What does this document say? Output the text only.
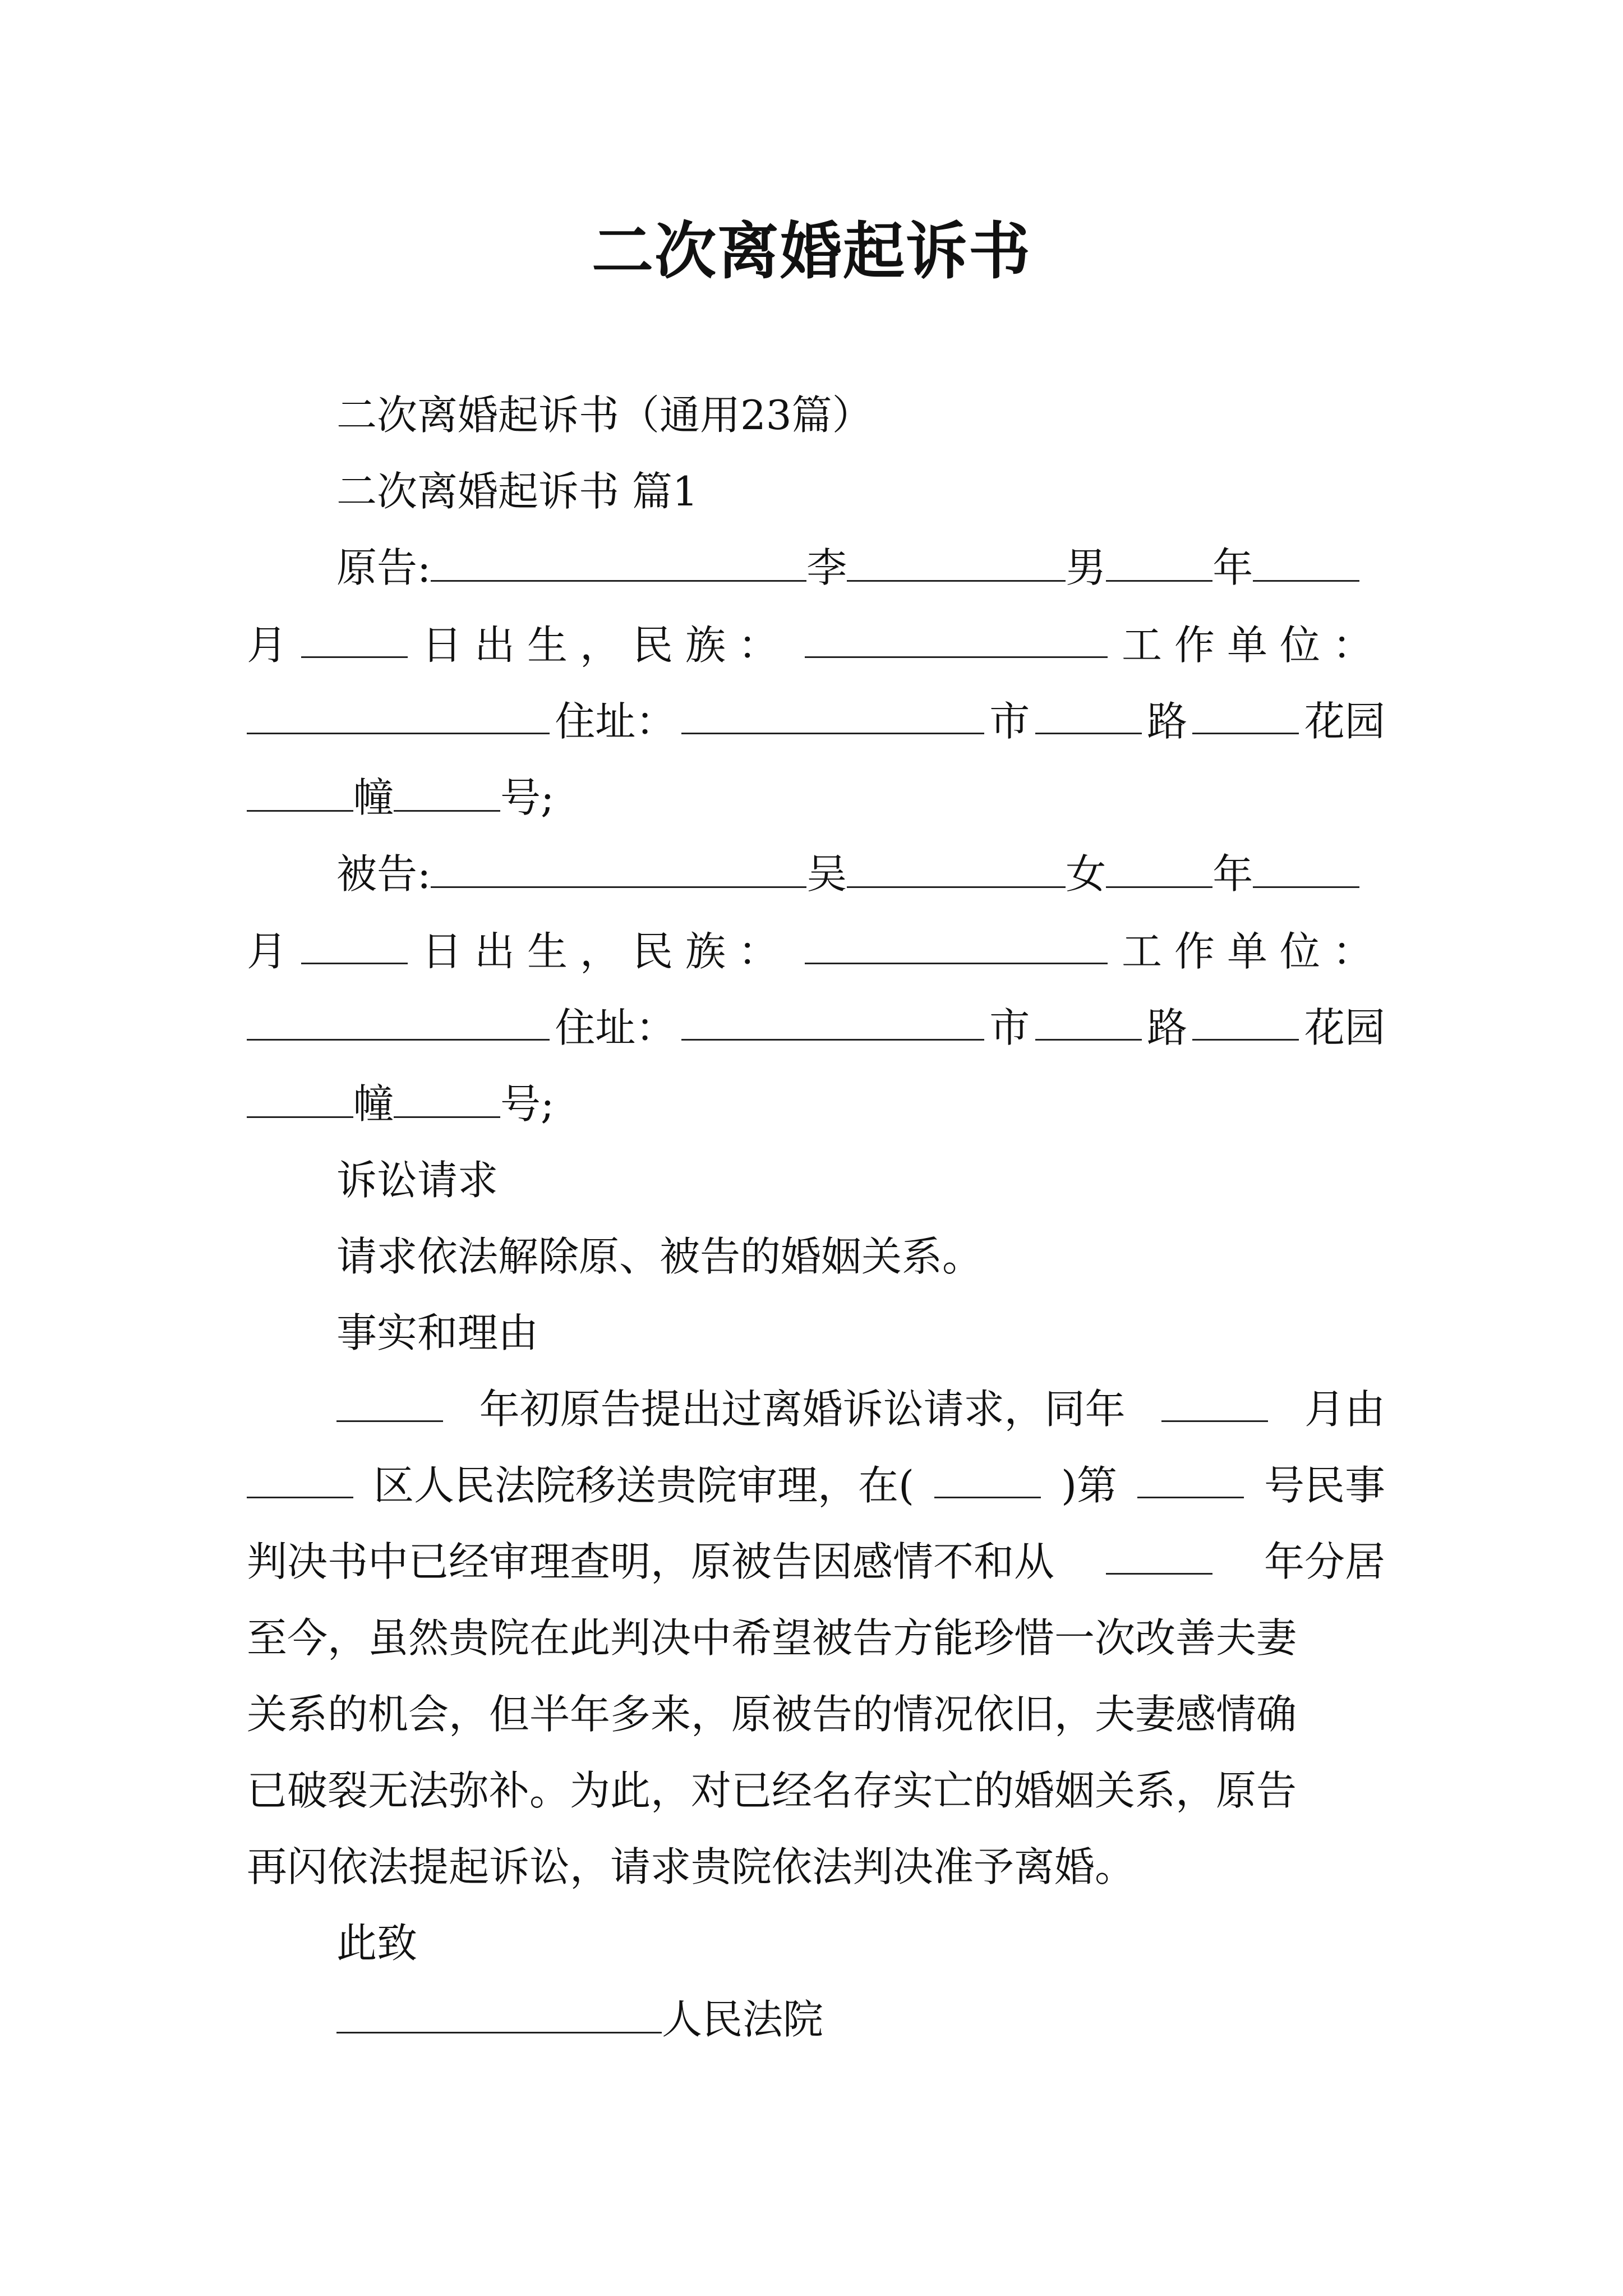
二次离婚起诉书
二次离婚起诉书（通用23篇）
二次离婚起诉书 篇1
原告:	李	男	年
月	日出生，民族：	工作单位：
住址：	市	路	花园
幢	号;
被告:	吴	女	年
月	日出生，民族：	工作单位：
住址：	市	路	花园
幢	号;
诉讼请求
请求依法解除原、被告的婚姻关系。
事实和理由
年初原告提出过离婚诉讼请求，同年	月由
区人民法院移送贵院审理，在(	)第	号民事
判决书中已经审理查明，原被告因感情不和从	年分居
至今，虽然贵院在此判决中希望被告方能珍惜一次改善夫妻
关系的机会，但半年多来，原被告的情况依旧，夫妻感情确
已破裂无法弥补。为此，对已经名存实亡的婚姻关系，原告
再闪依法提起诉讼，请求贵院依法判决准予离婚。
此致
人民法院
